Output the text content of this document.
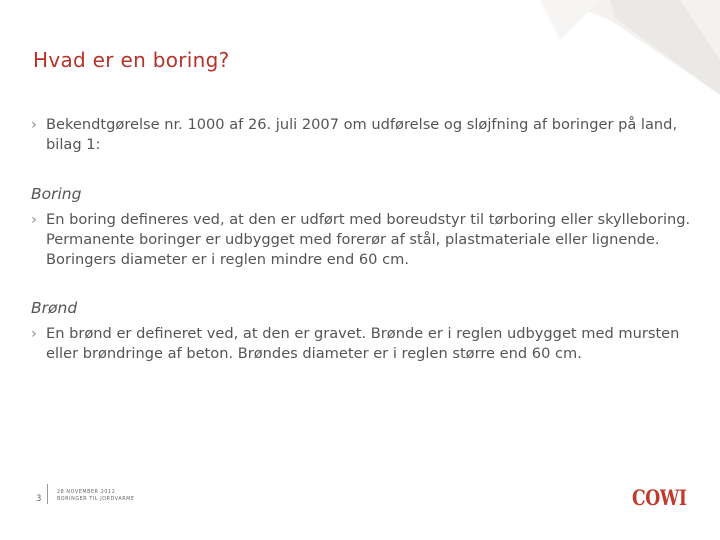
Hvad er en boring?
› Bekendtgørelse nr. 1000 af 26. juli 2007 om udførelse og sløjfning af boringer på land, bilag 1:
Boring
› En boring defineres ved, at den er udført med boreudstyr til tørboring eller skylleboring. Permanente boringer er udbygget med forerør af stål, plastmateriale eller lignende. Boringers diameter er i reglen mindre end 60 cm.
Brønd
› En brønd er defineret ved, at den er gravet. Brønde er i reglen udbygget med mursten eller brøndringe af beton. Brøndes diameter er i reglen større end 60 cm.
3
28 NOVEMBER 2012
BORINGER TIL JORDVARME	COWI
